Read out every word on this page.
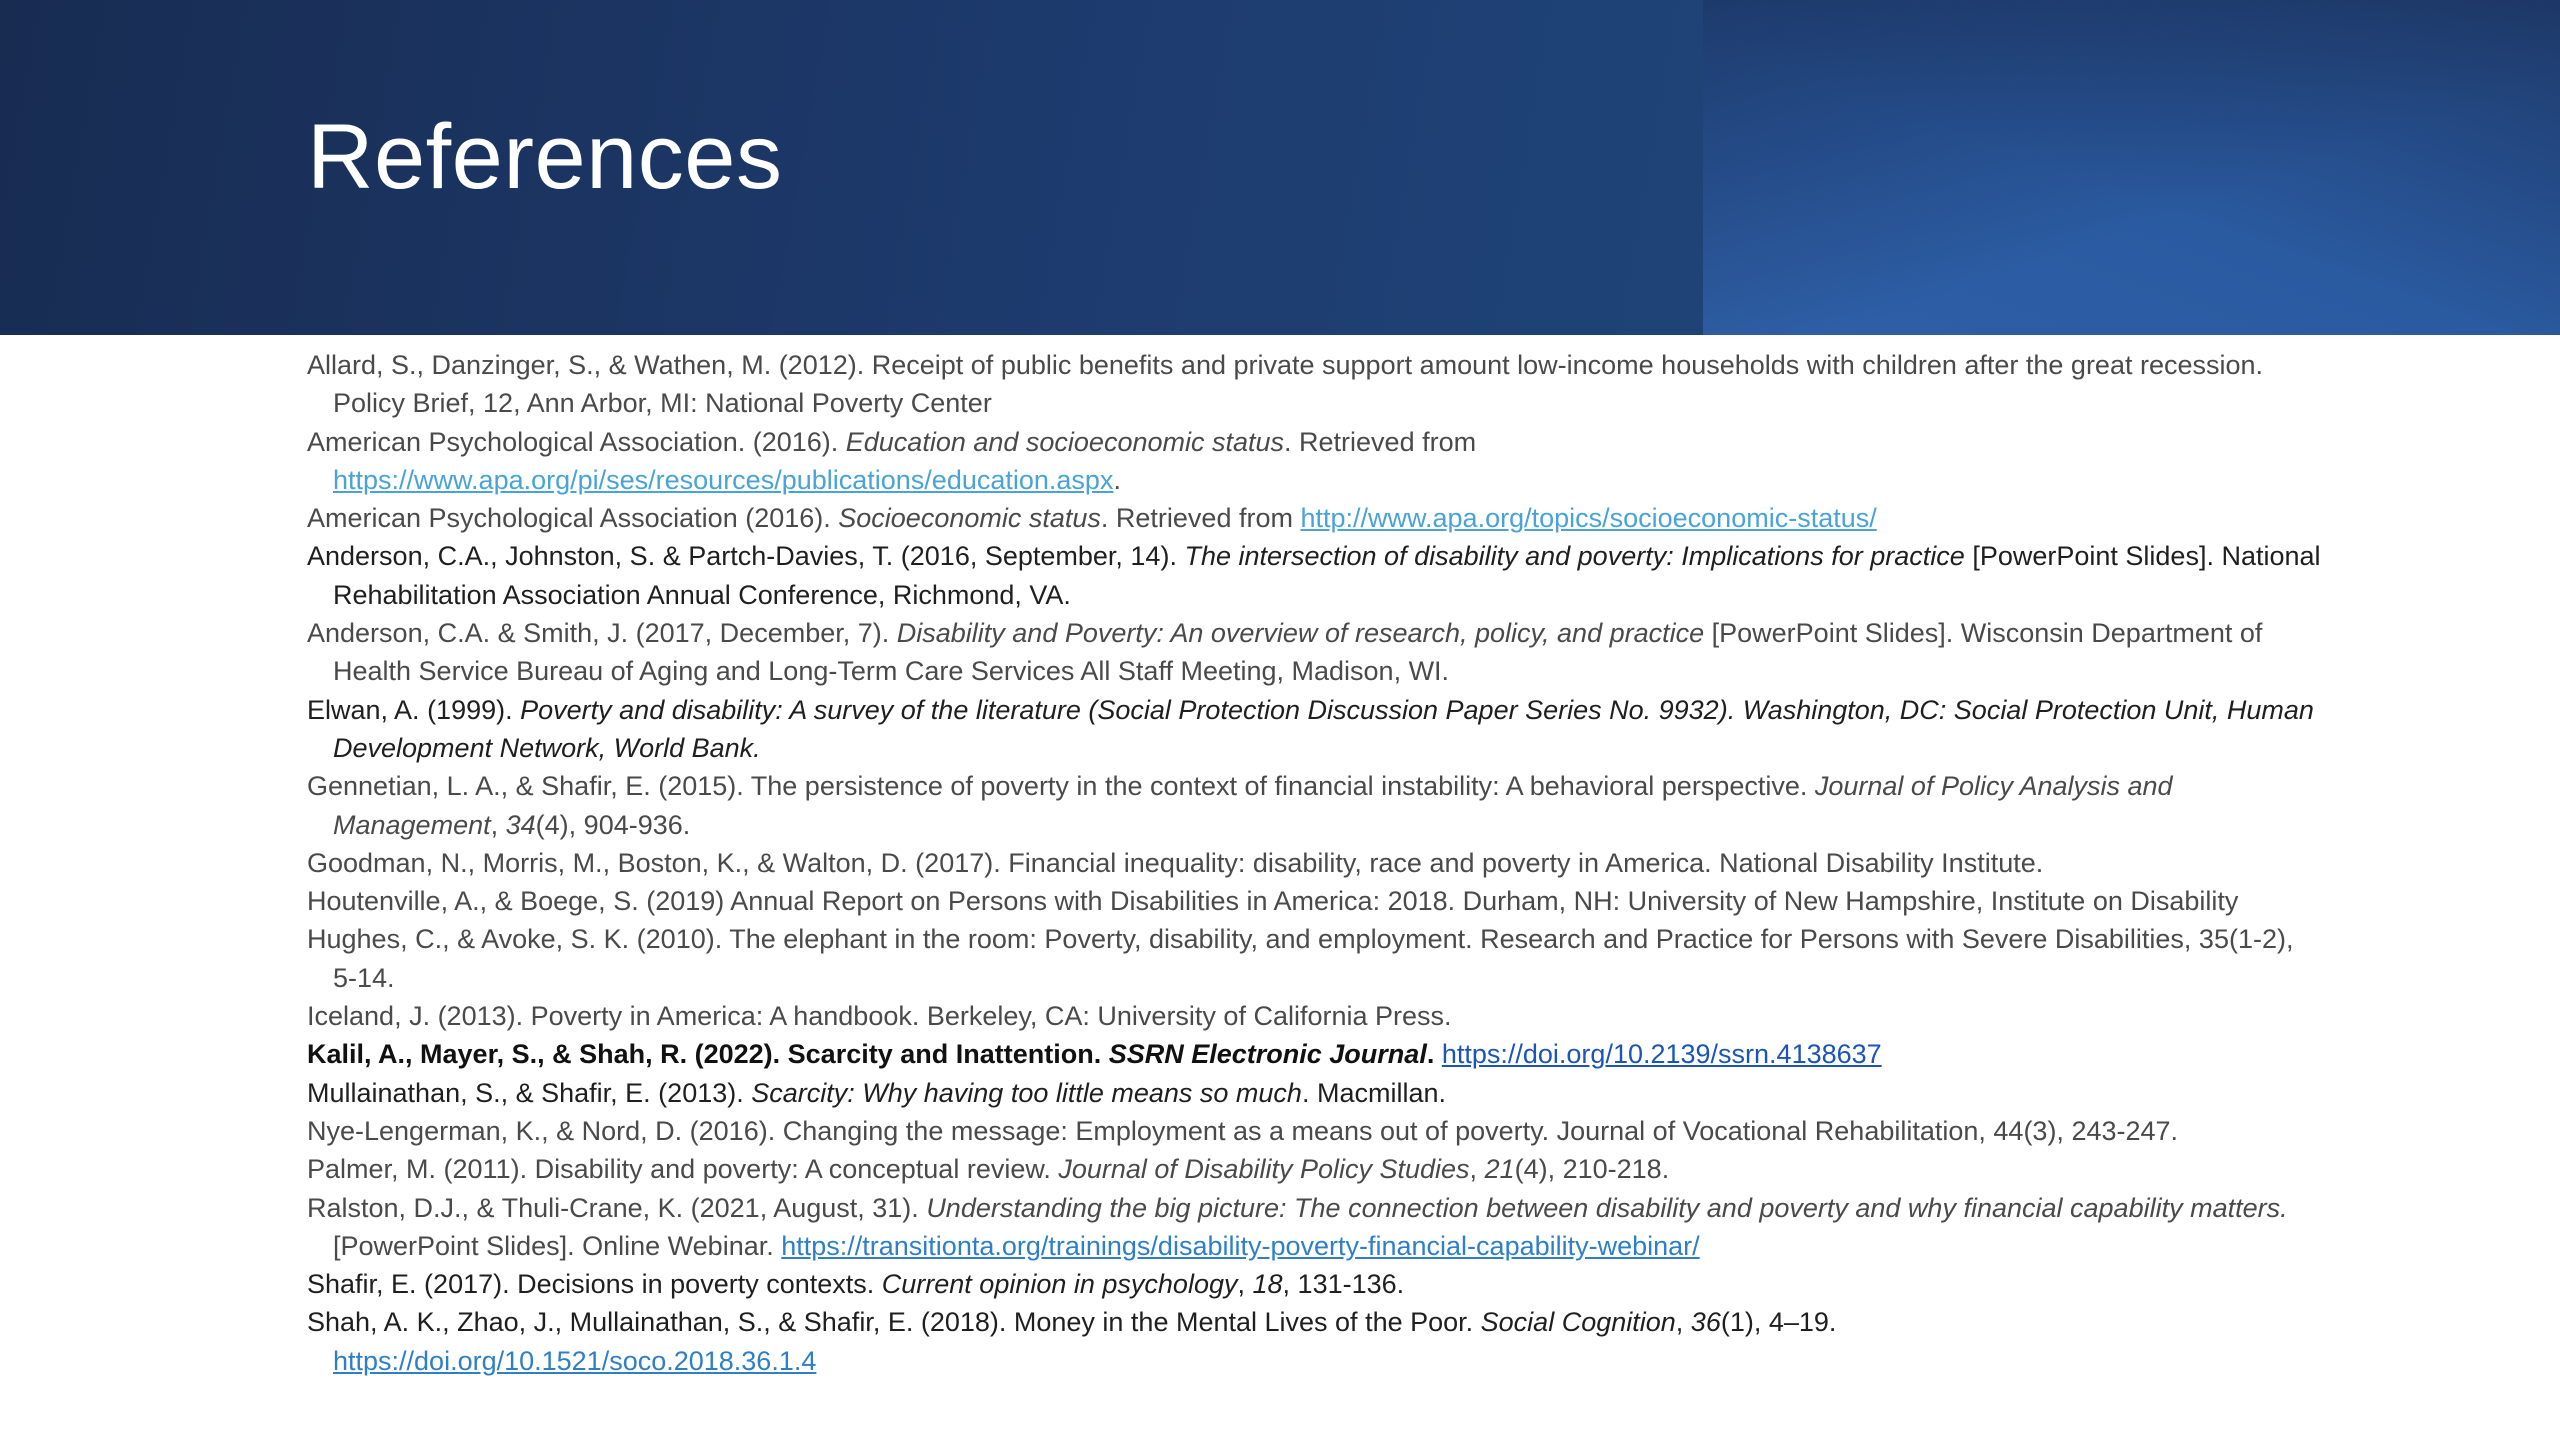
References
Allard, S., Danzinger, S., & Wathen, M. (2012). Receipt of public benefits and private support amount low-income households with children after the great recession. Policy Brief, 12, Ann Arbor, MI: National Poverty Center
American Psychological Association. (2016). Education and socioeconomic status. Retrieved from
https://www.apa.org/pi/ses/resources/publications/education.aspx.
American Psychological Association (2016). Socioeconomic status. Retrieved from http://www.apa.org/topics/socioeconomic-status/
Anderson, C.A., Johnston, S. & Partch-Davies, T. (2016, September, 14). The intersection of disability and poverty: Implications for practice [PowerPoint Slides]. National Rehabilitation Association Annual Conference, Richmond, VA.
Anderson, C.A. & Smith, J. (2017, December, 7). Disability and Poverty: An overview of research, policy, and practice [PowerPoint Slides]. Wisconsin Department of Health Service Bureau of Aging and Long-Term Care Services All Staff Meeting, Madison, WI.
Elwan, A. (1999). Poverty and disability: A survey of the literature (Social Protection Discussion Paper Series No. 9932). Washington, DC: Social Protection Unit, Human Development Network, World Bank.
Gennetian, L. A., & Shafir, E. (2015). The persistence of poverty in the context of financial instability: A behavioral perspective. Journal of Policy Analysis and Management, 34(4), 904-936.
Goodman, N., Morris, M., Boston, K., & Walton, D. (2017). Financial inequality: disability, race and poverty in America. National Disability Institute.
Houtenville, A., & Boege, S. (2019) Annual Report on Persons with Disabilities in America: 2018. Durham, NH: University of New Hampshire, Institute on Disability
Hughes, C., & Avoke, S. K. (2010). The elephant in the room: Poverty, disability, and employment. Research and Practice for Persons with Severe Disabilities, 35(1-2), 5-14.
Iceland, J. (2013). Poverty in America: A handbook. Berkeley, CA: University of California Press.
Kalil, A., Mayer, S., & Shah, R. (2022). Scarcity and Inattention. SSRN Electronic Journal. https://doi.org/10.2139/ssrn.4138637
Mullainathan, S., & Shafir, E. (2013). Scarcity: Why having too little means so much. Macmillan.
Nye-Lengerman, K., & Nord, D. (2016). Changing the message: Employment as a means out of poverty. Journal of Vocational Rehabilitation, 44(3), 243-247.
Palmer, M. (2011). Disability and poverty: A conceptual review. Journal of Disability Policy Studies, 21(4), 210-218.
Ralston, D.J., & Thuli-Crane, K. (2021, August, 31). Understanding the big picture: The connection between disability and poverty and why financial capability matters. [PowerPoint Slides]. Online Webinar. https://transitionta.org/trainings/disability-poverty-financial-capability-webinar/
Shafir, E. (2017). Decisions in poverty contexts. Current opinion in psychology, 18, 131-136.
Shah, A. K., Zhao, J., Mullainathan, S., & Shafir, E. (2018). Money in the Mental Lives of the Poor. Social Cognition, 36(1), 4–19.
https://doi.org/10.1521/soco.2018.36.1.4
